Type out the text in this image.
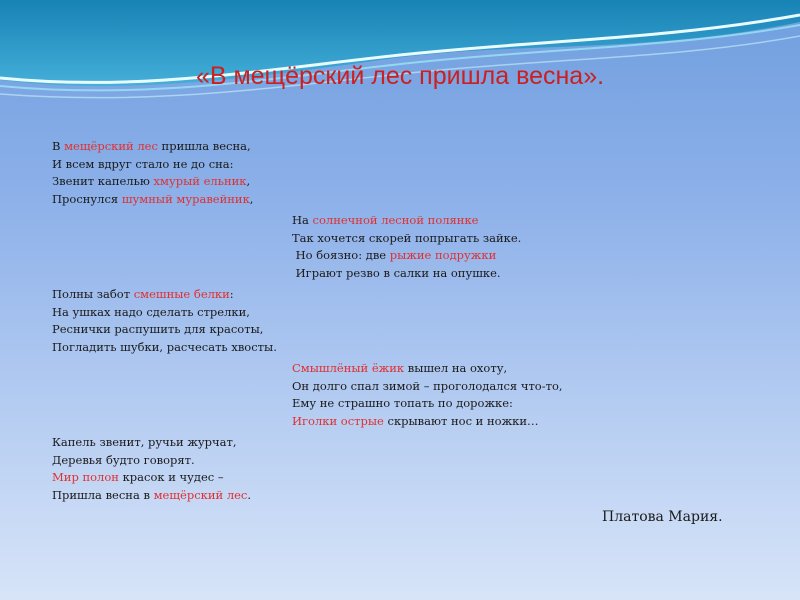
«В мещёрский лес пришла весна».
В мещёрский лес пришла весна,
И всем вдруг стало не до сна:
Звенит капелью хмурый ельник,
Проснулся шумный муравейник,
На солнечной лесной полянке
Так хочется скорей попрыгать зайке.
Но боязно: две рыжие подружки
Играют резво в салки на опушке.
Полны забот смешные белки:
На ушках надо сделать стрелки,
Реснички распушить для красоты,
Погладить шубки, расчесать хвосты.
Смышлёный ёжик вышел на охоту,
Он долго спал зимой – проголодался что-то,
Ему не страшно топать по дорожке:
Иголки острые скрывают нос и ножки…
Капель звенит, ручьи журчат,
Деревья будто говорят.
Мир полон красок и чудес –
Пришла весна в мещёрский лес.
Платова Мария.
